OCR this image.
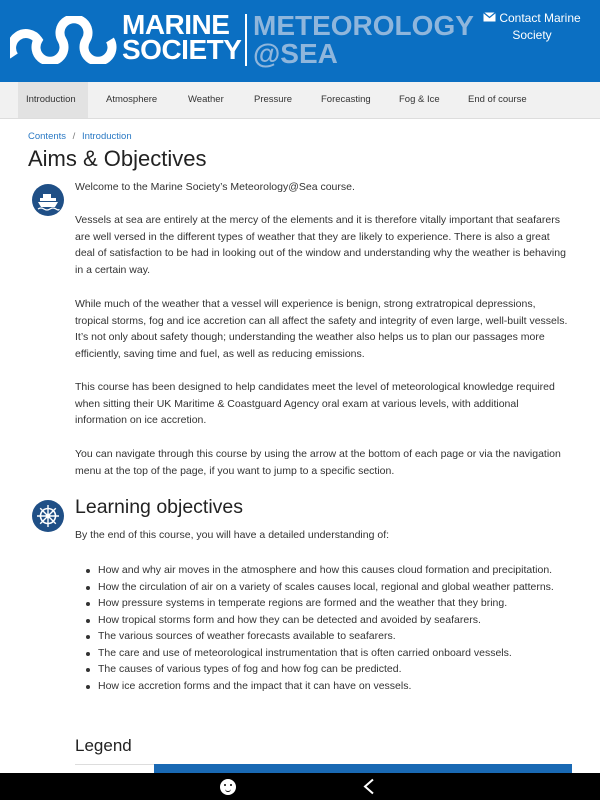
MARINE
SOCIETY
METEOROLOGY
@SEA
Contact Marine
Society
Introduction	Atmosphere	Weather	Pressure	Forecasting	Fog & Ice	End of course
Contents / Introduction
Aims & Objectives

Welcome to the Marine Society’s Meteorology@Sea course.

Vessels at sea are entirely at the mercy of the elements and it is therefore vitally important that seafarers are well versed in the different types of weather that they are likely to experience. There is also a great deal of satisfaction to be had in looking out of the window and understanding why the weather is behaving in a certain way.

While much of the weather that a vessel will experience is benign, strong extratropical depressions, tropical storms, fog and ice accretion can all affect the safety and integrity of even large, well-built vessels. It’s not only about safety though; understanding the weather also helps us to plan our passages more efficiently, saving time and fuel, as well as reducing emissions.

This course has been designed to help candidates meet the level of meteorological knowledge required when sitting their UK Maritime & Coastguard Agency oral exam at various levels, with additional information on ice accretion.

You can navigate through this course by using the arrow at the bottom of each page or via the navigation menu at the top of the page, if you want to jump to a specific section.

Learning objectives

By the end of this course, you will have a detailed understanding of:

How and why air moves in the atmosphere and how this causes cloud formation and precipitation.
How the circulation of air on a variety of scales causes local, regional and global weather patterns.
How pressure systems in temperate regions are formed and the weather that they bring.
How tropical storms form and how they can be detected and avoided by seafarers.
The various sources of weather forecasts available to seafarers.
The care and use of meteorological instrumentation that is often carried onboard vessels.
The causes of various types of fog and how fog can be predicted.
How ice accretion forms and the impact that it can have on vessels.
Legend
